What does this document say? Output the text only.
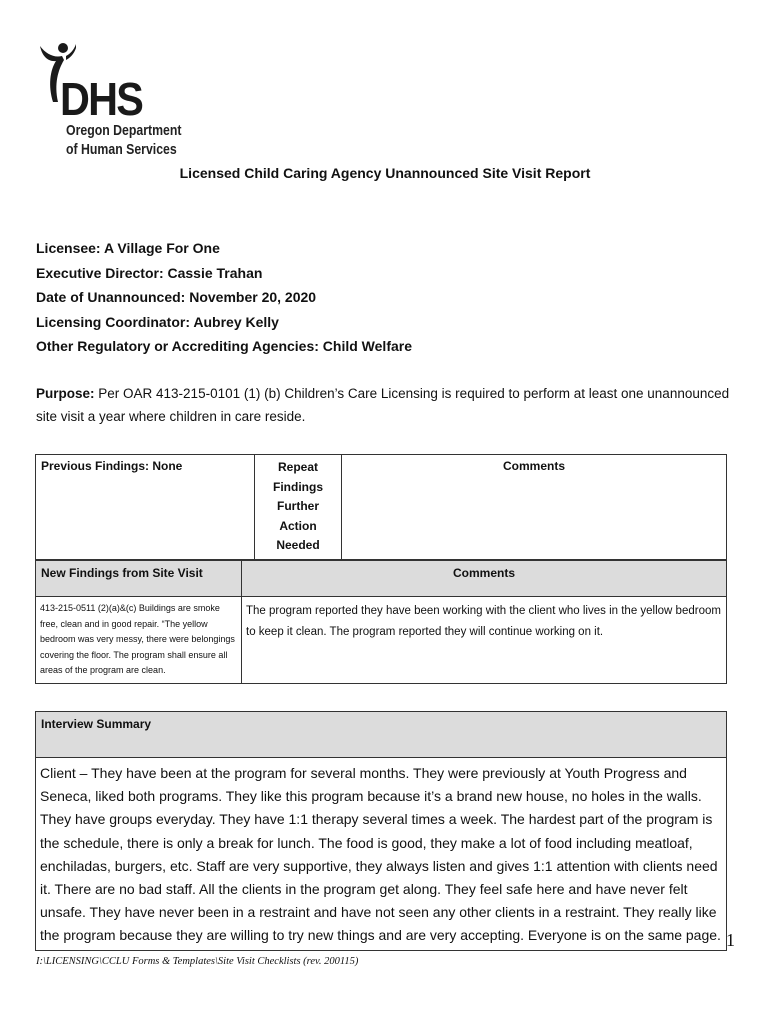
DHS
Oregon Department
of Human Services
Licensed Child Caring Agency Unannounced Site Visit Report
Licensee: A Village For One
Executive Director: Cassie Trahan
Date of Unannounced: November 20, 2020
Licensing Coordinator: Aubrey Kelly
Other Regulatory or Accrediting Agencies: Child Welfare
Purpose: Per OAR 413-215-0101 (1) (b) Children’s Care Licensing is required to perform at least one unannounced site visit a year where children in care reside.
Previous Findings: None	Repeat Findings Further Action Needed	Comments
New Findings from Site Visit	Comments
413-215-0511 (2)(a)&(c) Buildings are smoke free, clean and in good repair. “The yellow bedroom was very messy, there were belongings covering the floor. The program shall ensure all areas of the program are clean.	The program reported they have been working with the client who lives in the yellow bedroom to keep it clean. The program reported they will continue working on it.
Interview Summary
Client – They have been at the program for several months. They were previously at Youth Progress and Seneca, liked both programs. They like this program because it’s a brand new house, no holes in the walls. They have groups everyday. They have 1:1 therapy several times a week. The hardest part of the program is the schedule, there is only a break for lunch. The food is good, they make a lot of food including meatloaf, enchiladas, burgers, etc. Staff are very supportive, they always listen and gives 1:1 attention with clients need it. There are no bad staff. All the clients in the program get along. They feel safe here and have never felt unsafe. They have never been in a restraint and have not seen any other clients in a restraint. They really like the program because they are willing to try new things and are very accepting. Everyone is on the same page. 1
I:\LICENSING\CCLU Forms & Templates\Site Visit Checklists (rev. 200115)
